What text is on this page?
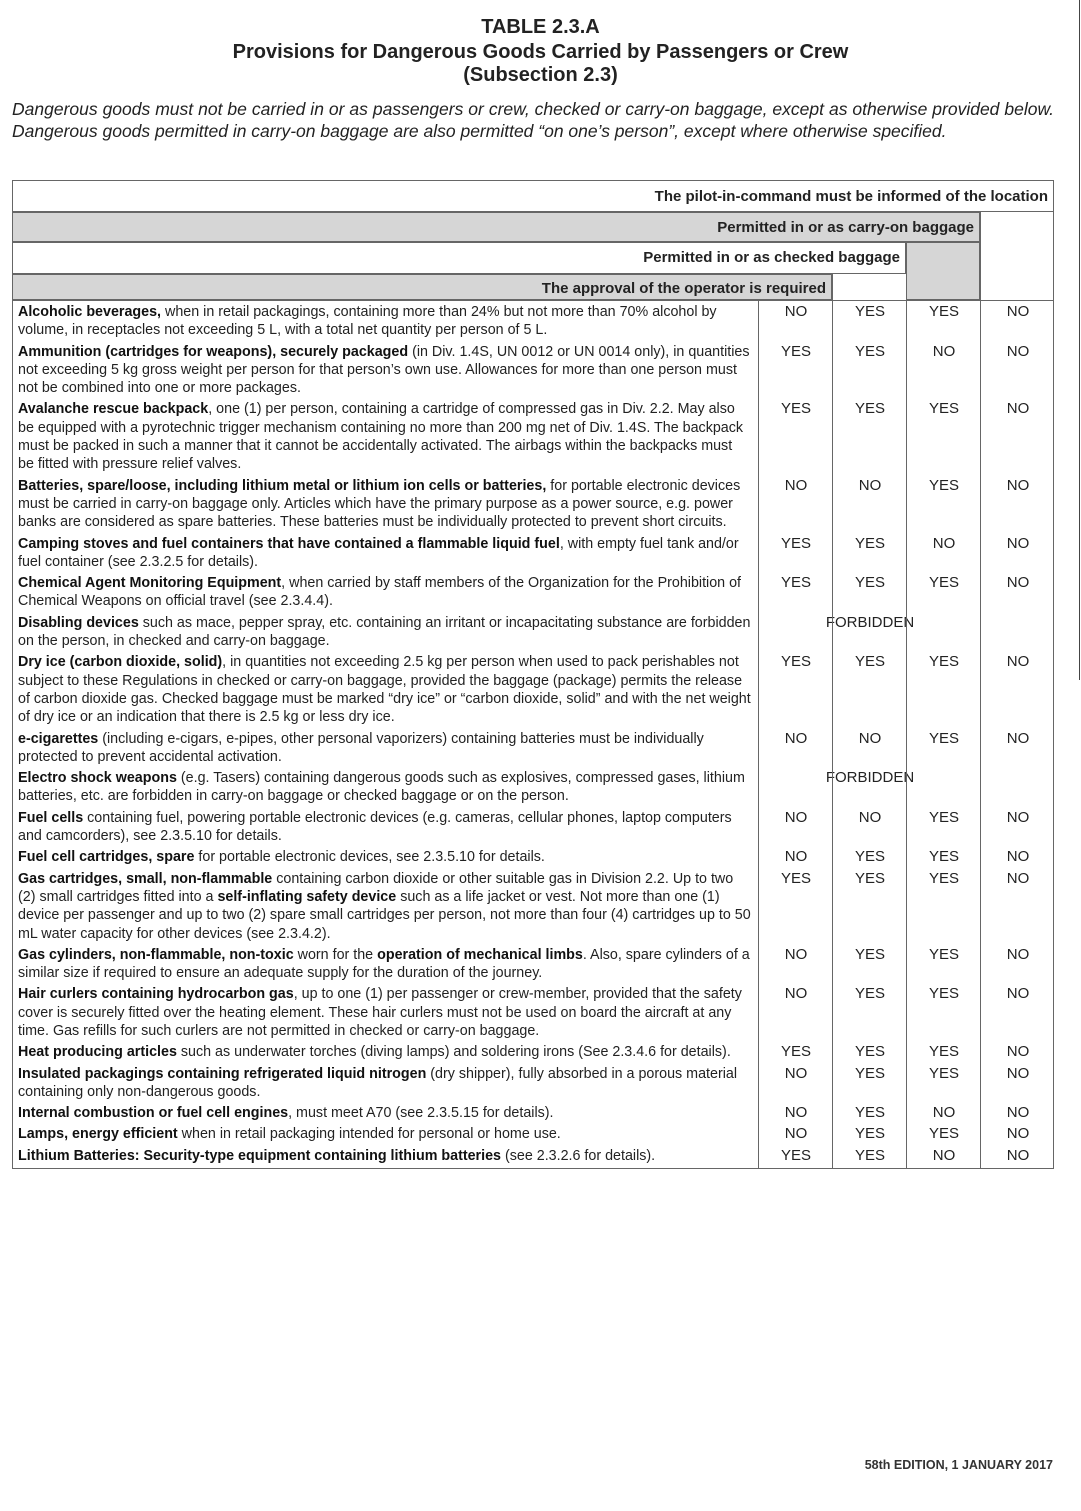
TABLE 2.3.A
Provisions for Dangerous Goods Carried by Passengers or Crew
(Subsection 2.3)
Dangerous goods must not be carried in or as passengers or crew, checked or carry-on baggage, except as otherwise provided below. Dangerous goods permitted in carry-on baggage are also permitted “on one’s person”, except where otherwise specified.
The pilot-in-command must be informed of the location
Permitted in or as carry-on baggage
Permitted in or as checked baggage
The approval of the operator is required
Alcoholic beverages, when in retail packagings, containing more than 24% but not more than 70% alcohol by volume, in receptacles not exceeding 5 L, with a total net quantity per person of 5 L.
NO	YES	YES	NO
Ammunition (cartridges for weapons), securely packaged (in Div. 1.4S, UN 0012 or UN 0014 only), in quantities not exceeding 5 kg gross weight per person for that person’s own use. Allowances for more than one person must not be combined into one or more packages.
YES	YES	NO	NO
Avalanche rescue backpack, one (1) per person, containing a cartridge of compressed gas in Div. 2.2. May also be equipped with a pyrotechnic trigger mechanism containing no more than 200 mg net of Div. 1.4S. The backpack must be packed in such a manner that it cannot be accidentally activated. The airbags within the backpacks must be fitted with pressure relief valves.
YES	YES	YES	NO
Batteries, spare/loose, including lithium metal or lithium ion cells or batteries, for portable electronic devices must be carried in carry-on baggage only. Articles which have the primary purpose as a power source, e.g. power banks are considered as spare batteries. These batteries must be individually protected to prevent short circuits.
NO	NO	YES	NO
Camping stoves and fuel containers that have contained a flammable liquid fuel, with empty fuel tank and/or fuel container (see 2.3.2.5 for details).
YES	YES	NO	NO
Chemical Agent Monitoring Equipment, when carried by staff members of the Organization for the Prohibition of Chemical Weapons on official travel (see 2.3.4.4).
YES	YES	YES	NO
Disabling devices such as mace, pepper spray, etc. containing an irritant or incapacitating substance are forbidden on the person, in checked and carry-on baggage.
FORBIDDEN
Dry ice (carbon dioxide, solid), in quantities not exceeding 2.5 kg per person when used to pack perishables not subject to these Regulations in checked or carry-on baggage, provided the baggage (package) permits the release of carbon dioxide gas. Checked baggage must be marked “dry ice” or “carbon dioxide, solid” and with the net weight of dry ice or an indication that there is 2.5 kg or less dry ice.
YES	YES	YES	NO
e-cigarettes (including e-cigars, e-pipes, other personal vaporizers) containing batteries must be individually protected to prevent accidental activation.
NO	NO	YES	NO
Electro shock weapons (e.g. Tasers) containing dangerous goods such as explosives, compressed gases, lithium batteries, etc. are forbidden in carry-on baggage or checked baggage or on the person.
FORBIDDEN
Fuel cells containing fuel, powering portable electronic devices (e.g. cameras, cellular phones, laptop computers and camcorders), see 2.3.5.10 for details.
NO	NO	YES	NO
Fuel cell cartridges, spare for portable electronic devices, see 2.3.5.10 for details.	NO	YES	YES	NO
Gas cartridges, small, non-flammable containing carbon dioxide or other suitable gas in Division 2.2. Up to two (2) small cartridges fitted into a self-inflating safety device such as a life jacket or vest. Not more than one (1) device per passenger and up to two (2) spare small cartridges per person, not more than four (4) cartridges up to 50 mL water capacity for other devices (see 2.3.4.2).
YES	YES	YES	NO
Gas cylinders, non-flammable, non-toxic worn for the operation of mechanical limbs. Also, spare cylinders of a similar size if required to ensure an adequate supply for the duration of the journey.
NO	YES	YES	NO
Hair curlers containing hydrocarbon gas, up to one (1) per passenger or crew-member, provided that the safety cover is securely fitted over the heating element. These hair curlers must not be used on board the aircraft at any time. Gas refills for such curlers are not permitted in checked or carry-on baggage.
NO	YES	YES	NO
Heat producing articles such as underwater torches (diving lamps) and soldering irons (See 2.3.4.6 for details).	YES	YES	YES	NO
Insulated packagings containing refrigerated liquid nitrogen (dry shipper), fully absorbed in a porous material containing only non-dangerous goods.
NO	YES	YES	NO
Internal combustion or fuel cell engines, must meet A70 (see 2.3.5.15 for details).	NO	YES	NO	NO
Lamps, energy efficient when in retail packaging intended for personal or home use.	NO	YES	YES	NO
Lithium Batteries: Security-type equipment containing lithium batteries (see 2.3.2.6 for details).	YES	YES	NO	NO
58th EDITION, 1 JANUARY 2017
